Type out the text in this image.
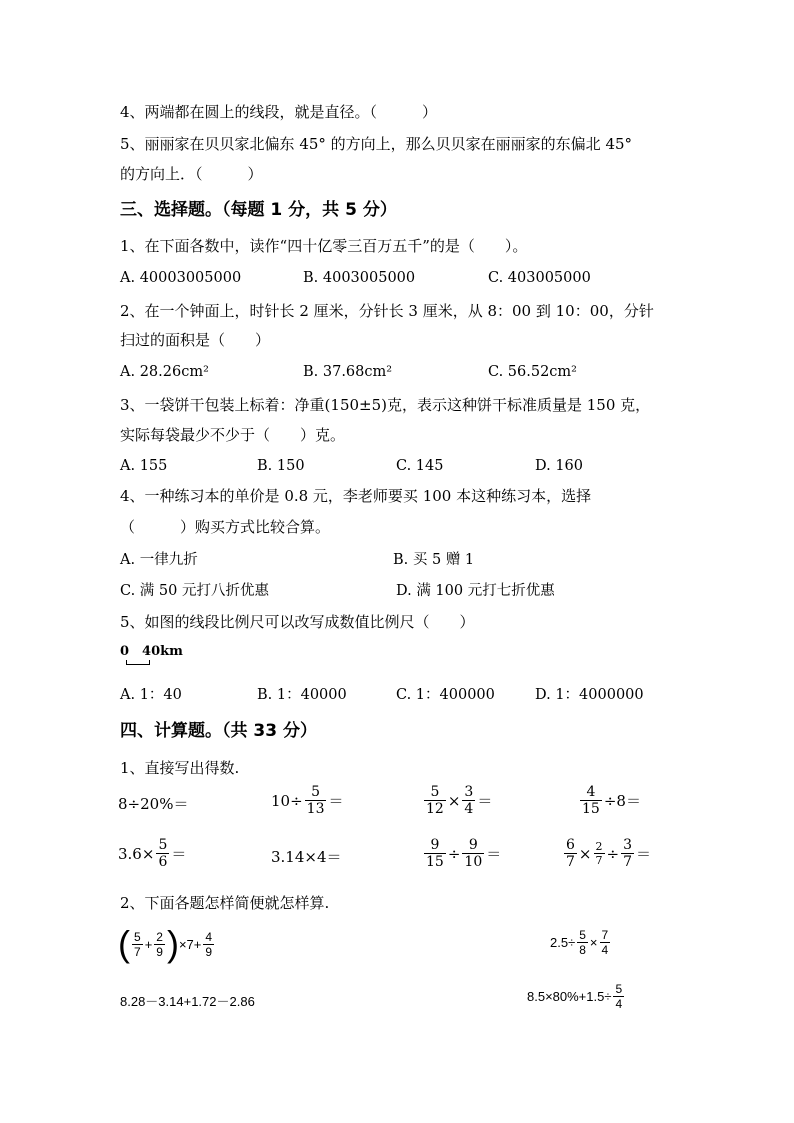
4、两端都在圆上的线段，就是直径。（　　　）
5、丽丽家在贝贝家北偏东 45° 的方向上，那么贝贝家在丽丽家的东偏北 45°
的方向上．（　　　）
三、选择题。（每题 1 分，共 5 分）
1、在下面各数中，读作“四十亿零三百万五千”的是（　　）。
A. 40003005000	B. 4003005000	C. 403005000
2、在一个钟面上，时针长 2 厘米，分针长 3 厘米，从 8：00 到 10：00，分针
扫过的面积是（　　）
A. 28.26cm²	B. 37.68cm²	C. 56.52cm²
3、一袋饼干包装上标着：净重(150±5)克，表示这种饼干标准质量是 150 克，
实际每袋最少不少于（　　）克。
A. 155	B. 150	C. 145	D. 160
4、一种练习本的单价是 0.8 元，李老师要买 100 本这种练习本，选择
（　　　）购买方式比较合算。
A. 一律九折	B. 买 5 赠 1
C. 满 50 元打八折优惠	D. 满 100 元打七折优惠
5、如图的线段比例尺可以改写成数值比例尺（　　）
0　40km
A. 1：40	B. 1：40000	C. 1：400000	D. 1：4000000
四、计算题。（共 33 分）
1、直接写出得数.
8÷20%＝	$10\div \frac{5}{13}$ ＝	$\frac{5}{12} \times \frac{3}{4}$ ＝	$\frac{4}{15} \div 8=$
$3.6\times \frac{5}{6}$ ＝	3.14×4＝	$\frac{9}{15} \div \frac{9}{10}$ ＝	$\frac{6}{7} \times \frac{2}{7} \div \frac{3}{7}$ ＝
2、下面各题怎样简便就怎样算.
( $\frac{5}{7} + \frac{2}{9}$ ) $\times 7+ \frac{4}{9}$	$2.5\div \frac{5}{8} \times \frac{7}{4}$
8.28－3.14+1.72－2.86	$8.5\times 80\%+1.5\div \frac{5}{4}$
